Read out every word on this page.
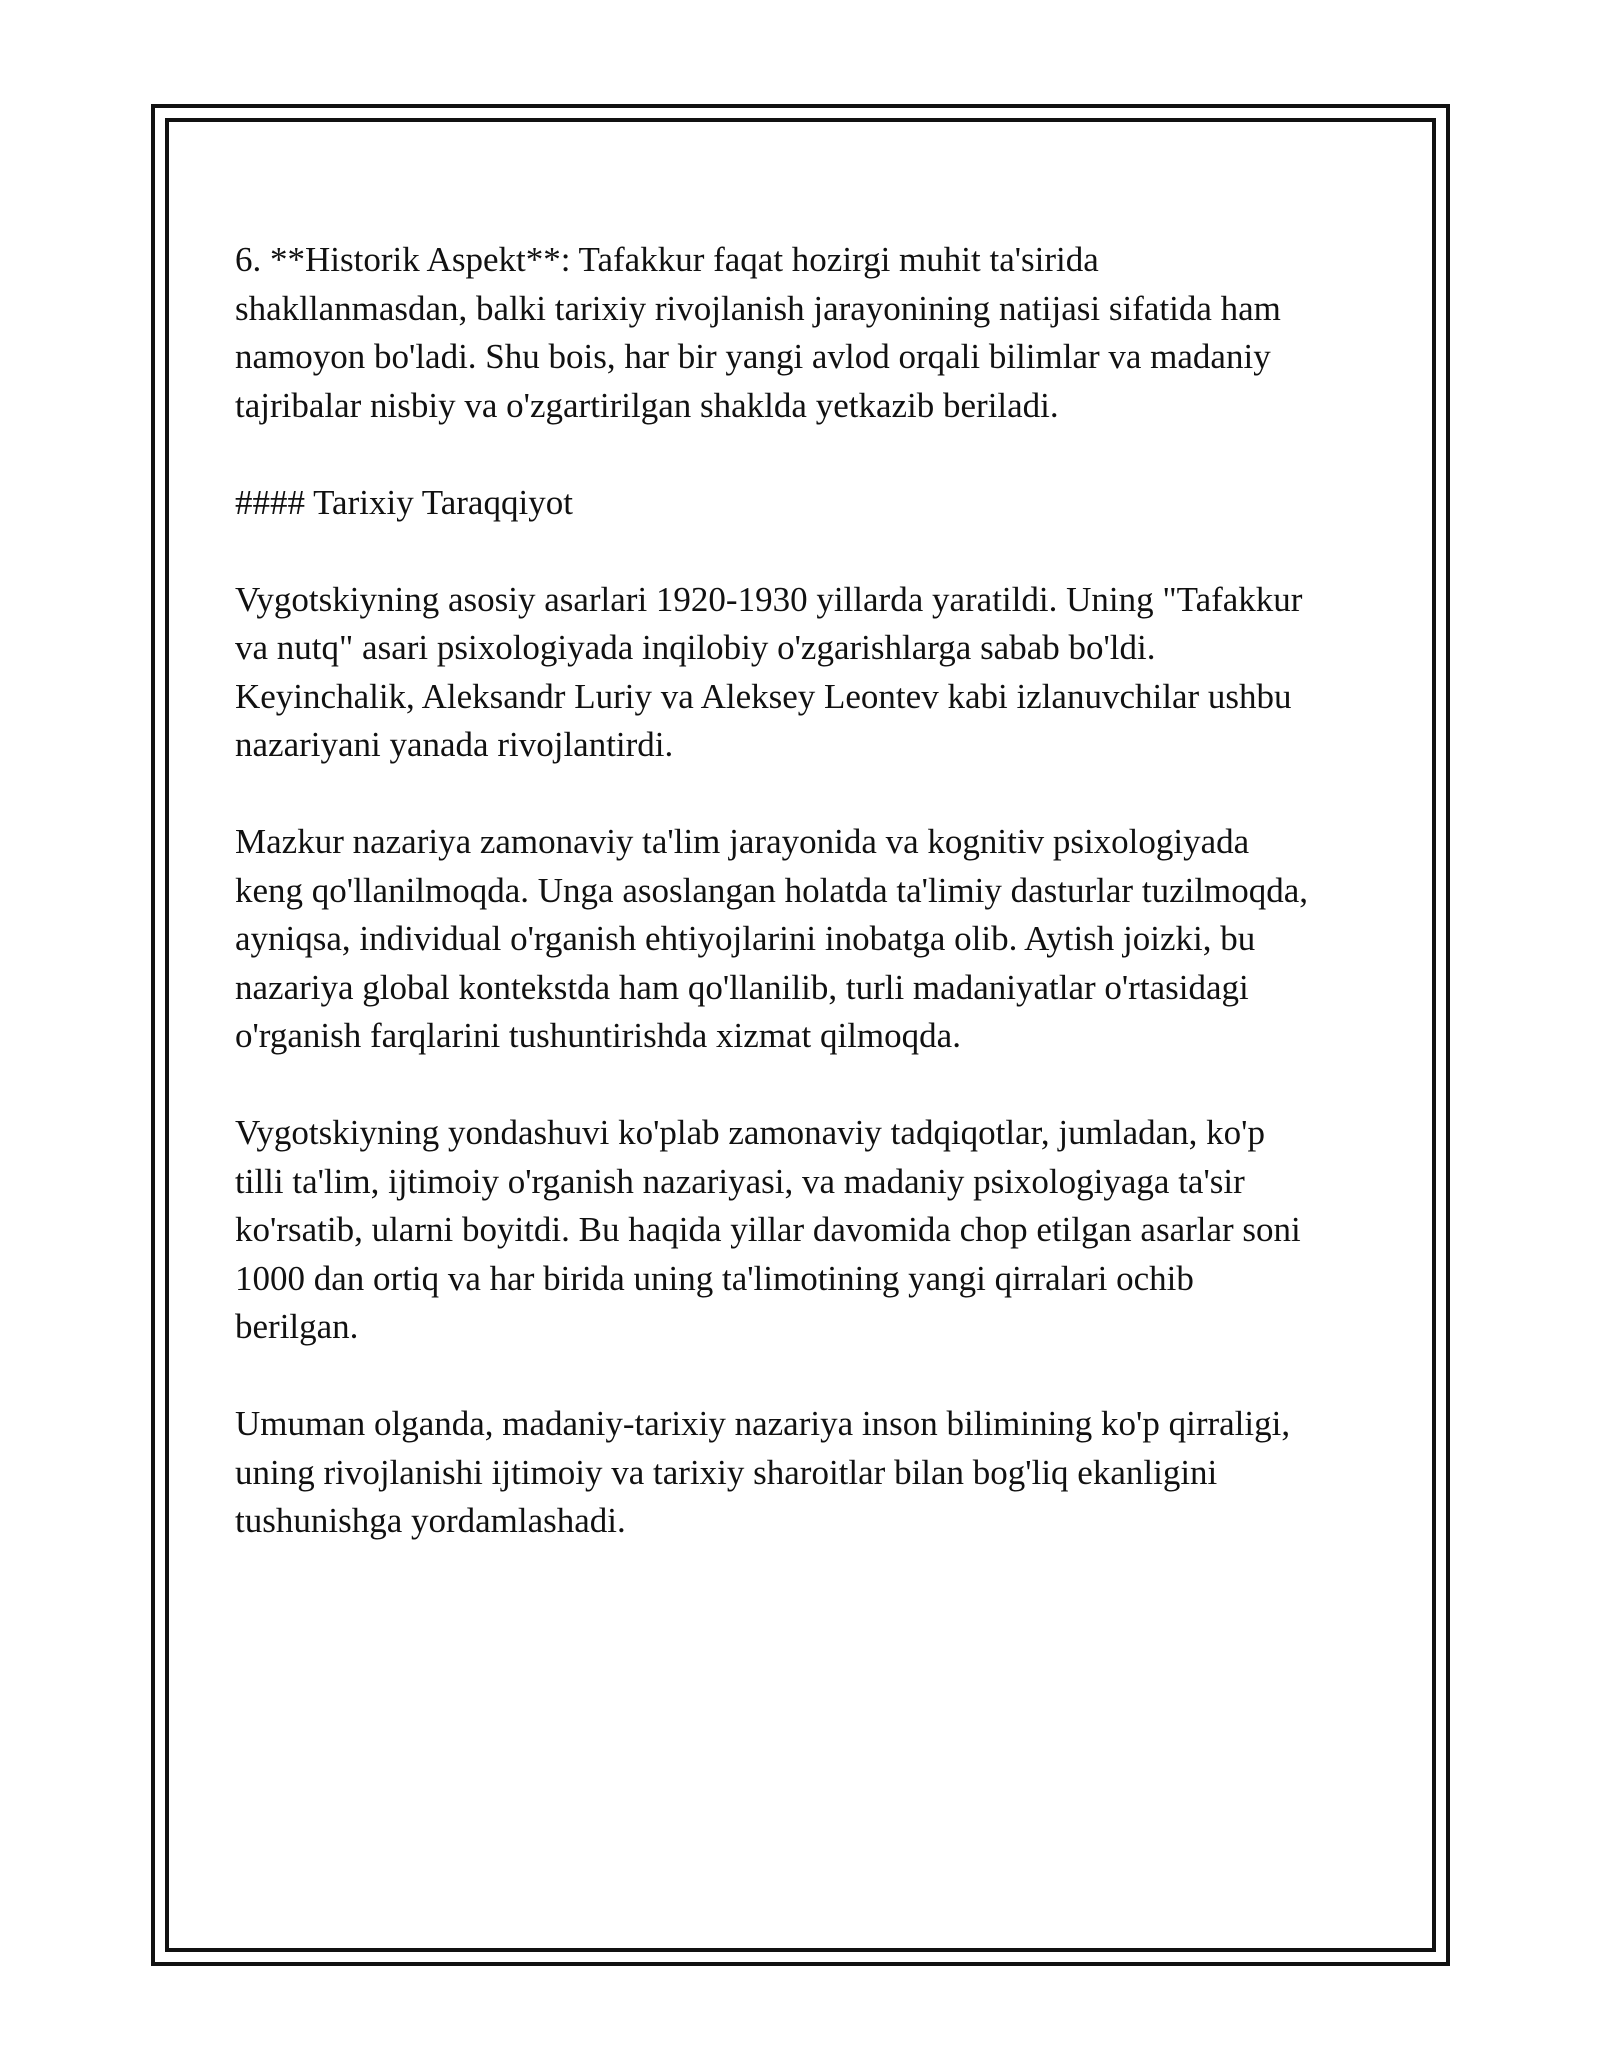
6. **Historik Aspekt**: Tafakkur faqat hozirgi muhit ta'sirida
shakllanmasdan, balki tarixiy rivojlanish jarayonining natijasi sifatida ham
namoyon bo'ladi. Shu bois, har bir yangi avlod orqali bilimlar va madaniy
tajribalar nisbiy va o'zgartirilgan shaklda yetkazib beriladi.

#### Tarixiy Taraqqiyot

Vygotskiyning asosiy asarlari 1920-1930 yillarda yaratildi. Uning "Tafakkur
va nutq" asari psixologiyada inqilobiy o'zgarishlarga sabab bo'ldi.
Keyinchalik, Aleksandr Luriy va Aleksey Leontev kabi izlanuvchilar ushbu
nazariyani yanada rivojlantirdi.

Mazkur nazariya zamonaviy ta'lim jarayonida va kognitiv psixologiyada
keng qo'llanilmoqda. Unga asoslangan holatda ta'limiy dasturlar tuzilmoqda,
ayniqsa, individual o'rganish ehtiyojlarini inobatga olib. Aytish joizki, bu
nazariya global kontekstda ham qo'llanilib, turli madaniyatlar o'rtasidagi
o'rganish farqlarini tushuntirishda xizmat qilmoqda.

Vygotskiyning yondashuvi ko'plab zamonaviy tadqiqotlar, jumladan, ko'p
tilli ta'lim, ijtimoiy o'rganish nazariyasi, va madaniy psixologiyaga ta'sir
ko'rsatib, ularni boyitdi. Bu haqida yillar davomida chop etilgan asarlar soni
1000 dan ortiq va har birida uning ta'limotining yangi qirralari ochib
berilgan.

Umuman olganda, madaniy-tarixiy nazariya inson bilimining ko'p qirraligi,
uning rivojlanishi ijtimoiy va tarixiy sharoitlar bilan bog'liq ekanligini
tushunishga yordamlashadi.
